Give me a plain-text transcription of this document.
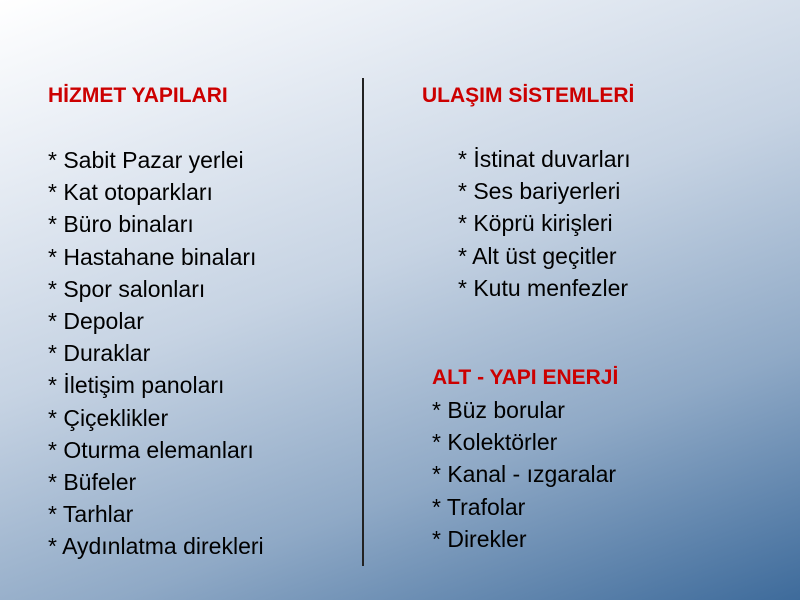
HİZMET YAPILARI
* Sabit Pazar yerlei
* Kat otoparkları
* Büro binaları
* Hastahane binaları
* Spor salonları
* Depolar
* Duraklar
* İletişim panoları
* Çiçeklikler
* Oturma elemanları
* Büfeler
* Tarhlar
* Aydınlatma direkleri
ULAŞIM SİSTEMLERİ
* İstinat duvarları
* Ses bariyerleri
* Köprü kirişleri
* Alt üst geçitler
* Kutu menfezler
ALT - YAPI ENERJİ
* Büz borular
* Kolektörler
* Kanal - ızgaralar
* Trafolar
* Direkler
